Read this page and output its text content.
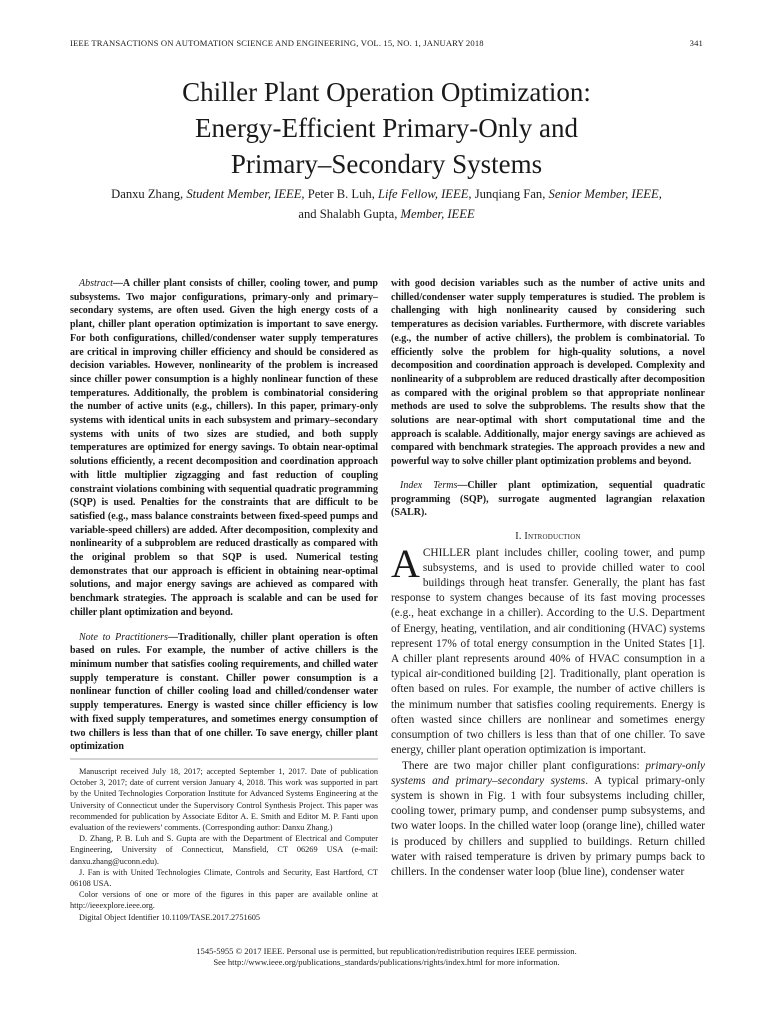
IEEE TRANSACTIONS ON AUTOMATION SCIENCE AND ENGINEERING, VOL. 15, NO. 1, JANUARY 2018	341
Chiller Plant Operation Optimization:
Energy-Efficient Primary-Only and
Primary–Secondary Systems
Danxu Zhang, Student Member, IEEE, Peter B. Luh, Life Fellow, IEEE, Junqiang Fan, Senior Member, IEEE,
and Shalabh Gupta, Member, IEEE

Abstract—A chiller plant consists of chiller, cooling tower, and pump subsystems. Two major configurations, primary-only and primary–secondary systems, are often used. Given the high energy costs of a plant, chiller plant operation optimization is important to save energy. For both configurations, chilled/condenser water supply temperatures are critical in improving chiller efficiency and should be considered as decision variables. However, nonlinearity of the problem is increased since chiller power consumption is a highly nonlinear function of these temperatures. Additionally, the problem is combinatorial considering the number of active units (e.g., chillers). In this paper, primary-only systems with identical units in each subsystem and primary–secondary systems with units of two sizes are studied, and both supply temperatures are optimized for energy savings. To obtain near-optimal solutions efficiently, a recent decomposition and coordination approach with little multiplier zigzagging and fast reduction of coupling constraint violations combining with sequential quadratic programming (SQP) is used. Penalties for the constraints that are difficult to be satisfied (e.g., mass balance constraints between fixed-speed pumps and variable-speed chillers) are added. After decomposition, complexity and nonlinearity of a subproblem are reduced drastically as compared with the original problem so that SQP is used. Numerical testing demonstrates that our approach is efficient in obtaining near-optimal solutions, and major energy savings are achieved as compared with benchmark strategies. The approach is scalable and can be used for chiller plant optimization and beyond.

Note to Practitioners—Traditionally, chiller plant operation is often based on rules. For example, the number of active chillers is the minimum number that satisfies cooling requirements, and chilled water supply temperature is constant. Chiller power consumption is a nonlinear function of chiller cooling load and chilled/condenser water supply temperatures. Energy is wasted since chiller efficiency is low with fixed supply temperatures, and sometimes energy consumption of two chillers is less than that of one chiller. To save energy, chiller plant optimization

Manuscript received July 18, 2017; accepted September 1, 2017. Date of publication October 3, 2017; date of current version January 4, 2018. This work was supported in part by the United Technologies Corporation Institute for Advanced Systems Engineering at the University of Connecticut under the Supervisory Control Synthesis Project. This paper was recommended for publication by Associate Editor A. E. Smith and Editor M. P. Fanti upon evaluation of the reviewers’ comments. (Corresponding author: Danxu Zhang.)

D. Zhang, P. B. Luh and S. Gupta are with the Department of Electrical and Computer Engineering, University of Connecticut, Mansfield, CT 06269 USA (e-mail: danxu.zhang@uconn.edu).

J. Fan is with United Technologies Climate, Controls and Security, East Hartford, CT 06108 USA.

Color versions of one or more of the figures in this paper are available online at http://ieeexplore.ieee.org.

Digital Object Identifier 10.1109/TASE.2017.2751605

with good decision variables such as the number of active units and chilled/condenser water supply temperatures is studied. The problem is challenging with high nonlinearity caused by considering such temperatures as decision variables. Furthermore, with discrete variables (e.g., the number of active chillers), the problem is combinatorial. To efficiently solve the problem for high-quality solutions, a novel decomposition and coordination approach is developed. Complexity and nonlinearity of a subproblem are reduced drastically after decomposition as compared with the original problem so that appropriate nonlinear methods are used to solve the subproblems. The results show that the solutions are near-optimal with short computational time and the approach is scalable. Additionally, major energy savings are achieved as compared with benchmark strategies. The approach provides a new and powerful way to solve chiller plant optimization problems and beyond.

Index Terms—Chiller plant optimization, sequential quadratic programming (SQP), surrogate augmented lagrangian relaxation (SALR).

I. Introduction

ACHILLER plant includes chiller, cooling tower, and pump subsystems, and is used to provide chilled water to cool buildings through heat transfer. Generally, the plant has fast response to system changes because of its fast moving processes (e.g., heat exchange in a chiller). According to the U.S. Department of Energy, heating, ventilation, and air conditioning (HVAC) systems represent 17% of total energy consumption in the United States [1]. A chiller plant represents around 40% of HVAC consumption in a typical air-conditioned building [2]. Traditionally, plant operation is often based on rules. For example, the number of active chillers is the minimum number that satisfies cooling requirements. Energy is often wasted since chillers are nonlinear and sometimes energy consumption of two chillers is less than that of one chiller. To save energy, chiller plant operation optimization is important.

There are two major chiller plant configurations: primary-only systems and primary–secondary systems. A typical primary-only system is shown in Fig. 1 with four subsystems including chiller, cooling tower, primary pump, and condenser pump subsystems, and two water loops. In the chilled water loop (orange line), chilled water is produced by chillers and supplied to buildings. Return chilled water with raised temperature is driven by primary pumps back to chillers. In the condenser water loop (blue line), condenser water

1545-5955 © 2017 IEEE. Personal use is permitted, but republication/redistribution requires IEEE permission.
See http://www.ieee.org/publications_standards/publications/rights/index.html for more information.
